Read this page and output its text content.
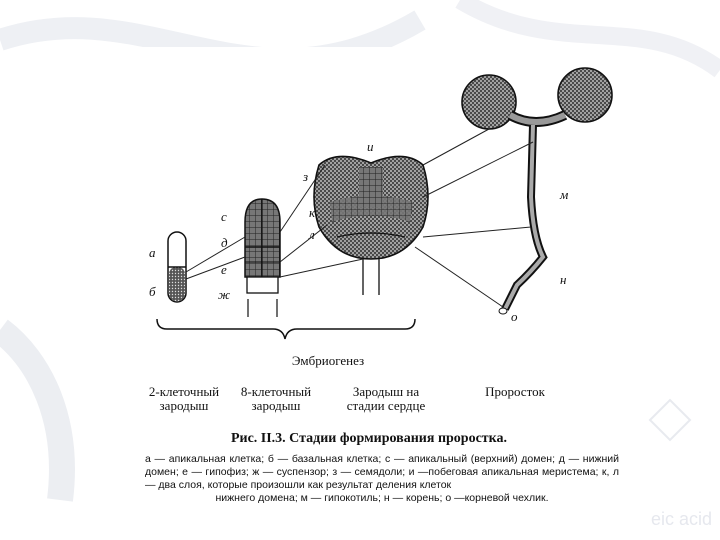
а
б
с
д
е
ж
з
и
к
л
м
н
о
Эмбриогенез
2-клеточный
зародыш
8-клеточный
зародыш
Зародыш на
стадии сердце
Проросток
Рис. II.3. Стадии формирования проростка.
а — апикальная клетка; б — базальная клетка; с — апикальный (верхний) домен; д — нижний домен; е — гипофиз; ж — суспензор; з — семядоли; и —побеговая апикальная меристема; к, л — два слоя, которые произошли как результат деления клеток
нижнего домена; м — гипокотиль; н — корень; о —корневой чехлик.
eic acid
